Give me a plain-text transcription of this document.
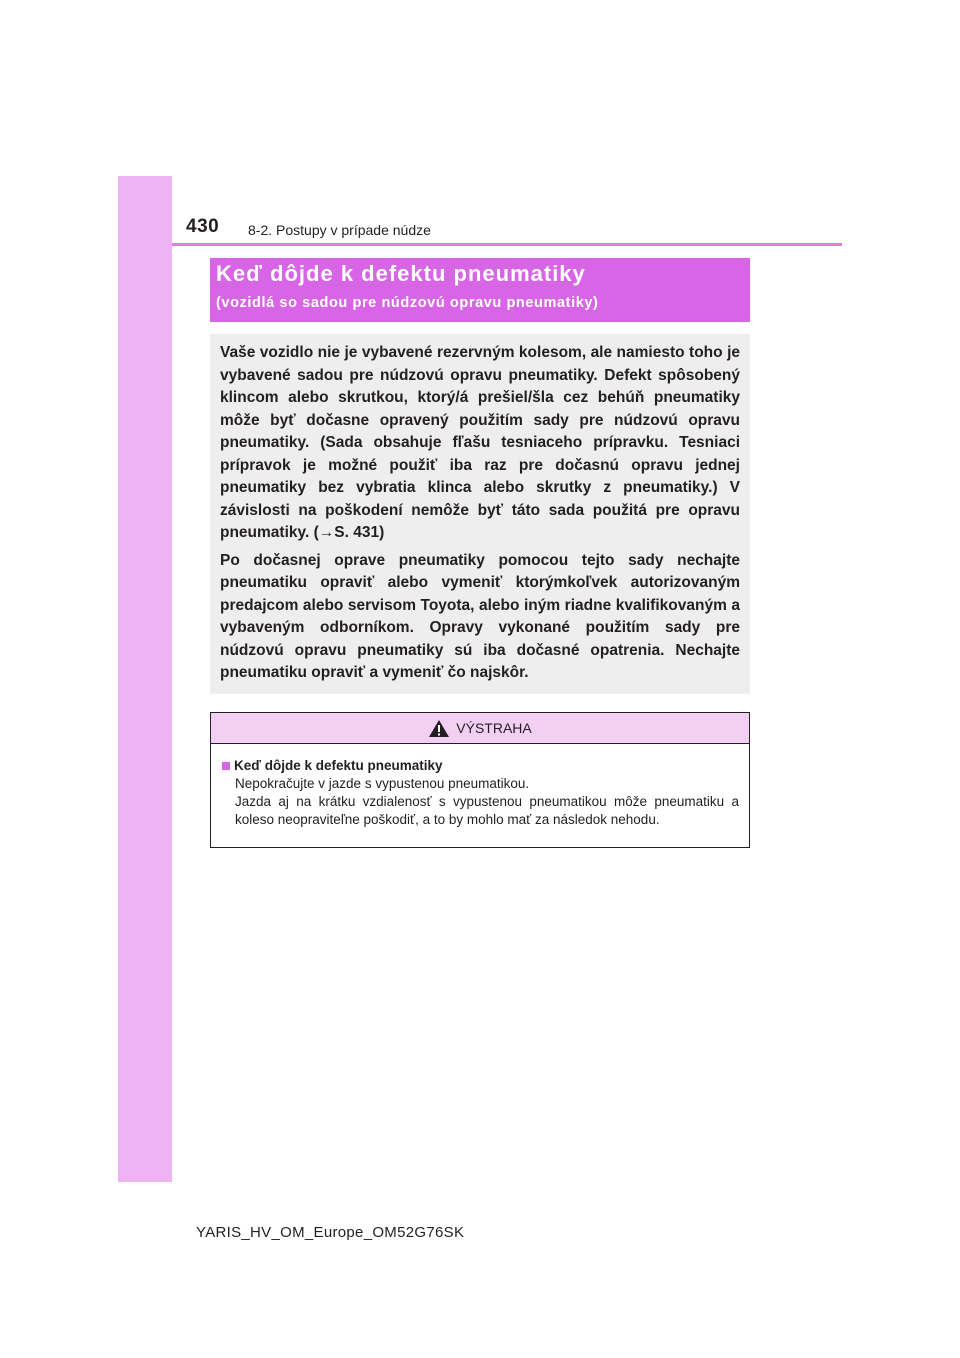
430 8-2. Postupy v prípade núdze
Keď dôjde k defektu pneumatiky
(vozidlá so sadou pre núdzovú opravu pneumatiky)

Vaše vozidlo nie je vybavené rezervným kolesom, ale namiesto toho je vybavené sadou pre núdzovú opravu pneumatiky. Defekt spôsobený klincom alebo skrutkou, ktorý/á prešiel/šla cez behúň pneumatiky môže byť dočasne opravený použitím sady pre núdzovú opravu pneumatiky. (Sada obsahuje fľašu tesniaceho prípravku. Tesniaci prípravok je možné použiť iba raz pre dočasnú opravu jednej pneumatiky bez vybratia klinca alebo skrutky z pneumatiky.) V závislosti na poškodení nemôže byť táto sada použitá pre opravu pneumatiky. (→S. 431)

Po dočasnej oprave pneumatiky pomocou tejto sady nechajte pneumatiku opraviť alebo vymeniť ktorýmkoľvek autorizovaným predajcom alebo servisom Toyota, alebo iným riadne kvalifikovaným a vybaveným odborníkom. Opravy vykonané použitím sady pre núdzovú opravu pneumatiky sú iba dočasné opatrenia. Nechajte pneumatiku opraviť a vymeniť čo najskôr.

VÝSTRAHA
Keď dôjde k defektu pneumatiky

Nepokračujte v jazde s vypustenou pneumatikou.

Jazda aj na krátku vzdialenosť s vypustenou pneumatikou môže pneumatiku a koleso neopraviteľne poškodiť, a to by mohlo mať za následok nehodu.

YARIS_HV_OM_Europe_OM52G76SK
